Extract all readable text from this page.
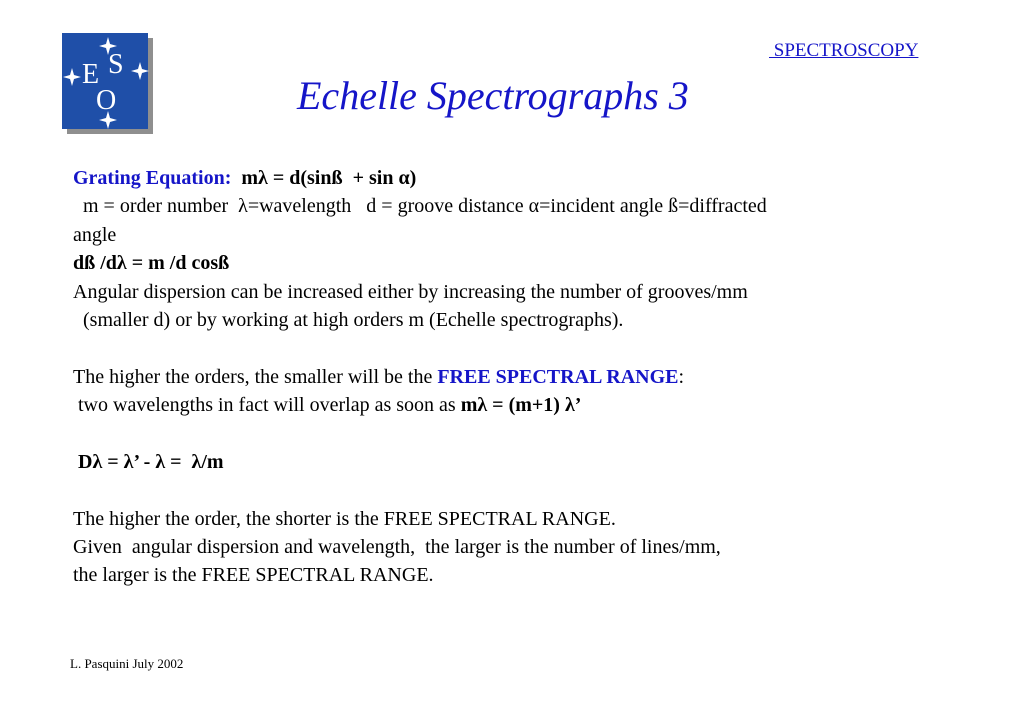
E S
O
SPECTROSCOPY
Echelle Spectrographs 3
Grating Equation:  mλ = d(sinß  + sin α)
m = order number  λ=wavelength   d = groove distance α=incident angle ß=diffracted
angle
dß /dλ = m /d cosß
Angular dispersion can be increased either by increasing the number of grooves/mm
(smaller d) or by working at high orders m (Echelle spectrographs).
The higher the orders, the smaller will be the FREE SPECTRAL RANGE:
two wavelengths in fact will overlap as soon as mλ = (m+1) λ’
Dλ = λ’ - λ =  λ/m
The higher the order, the shorter is the FREE SPECTRAL RANGE.
Given  angular dispersion and wavelength,  the larger is the number of lines/mm,
the larger is the FREE SPECTRAL RANGE.
L. Pasquini July 2002
